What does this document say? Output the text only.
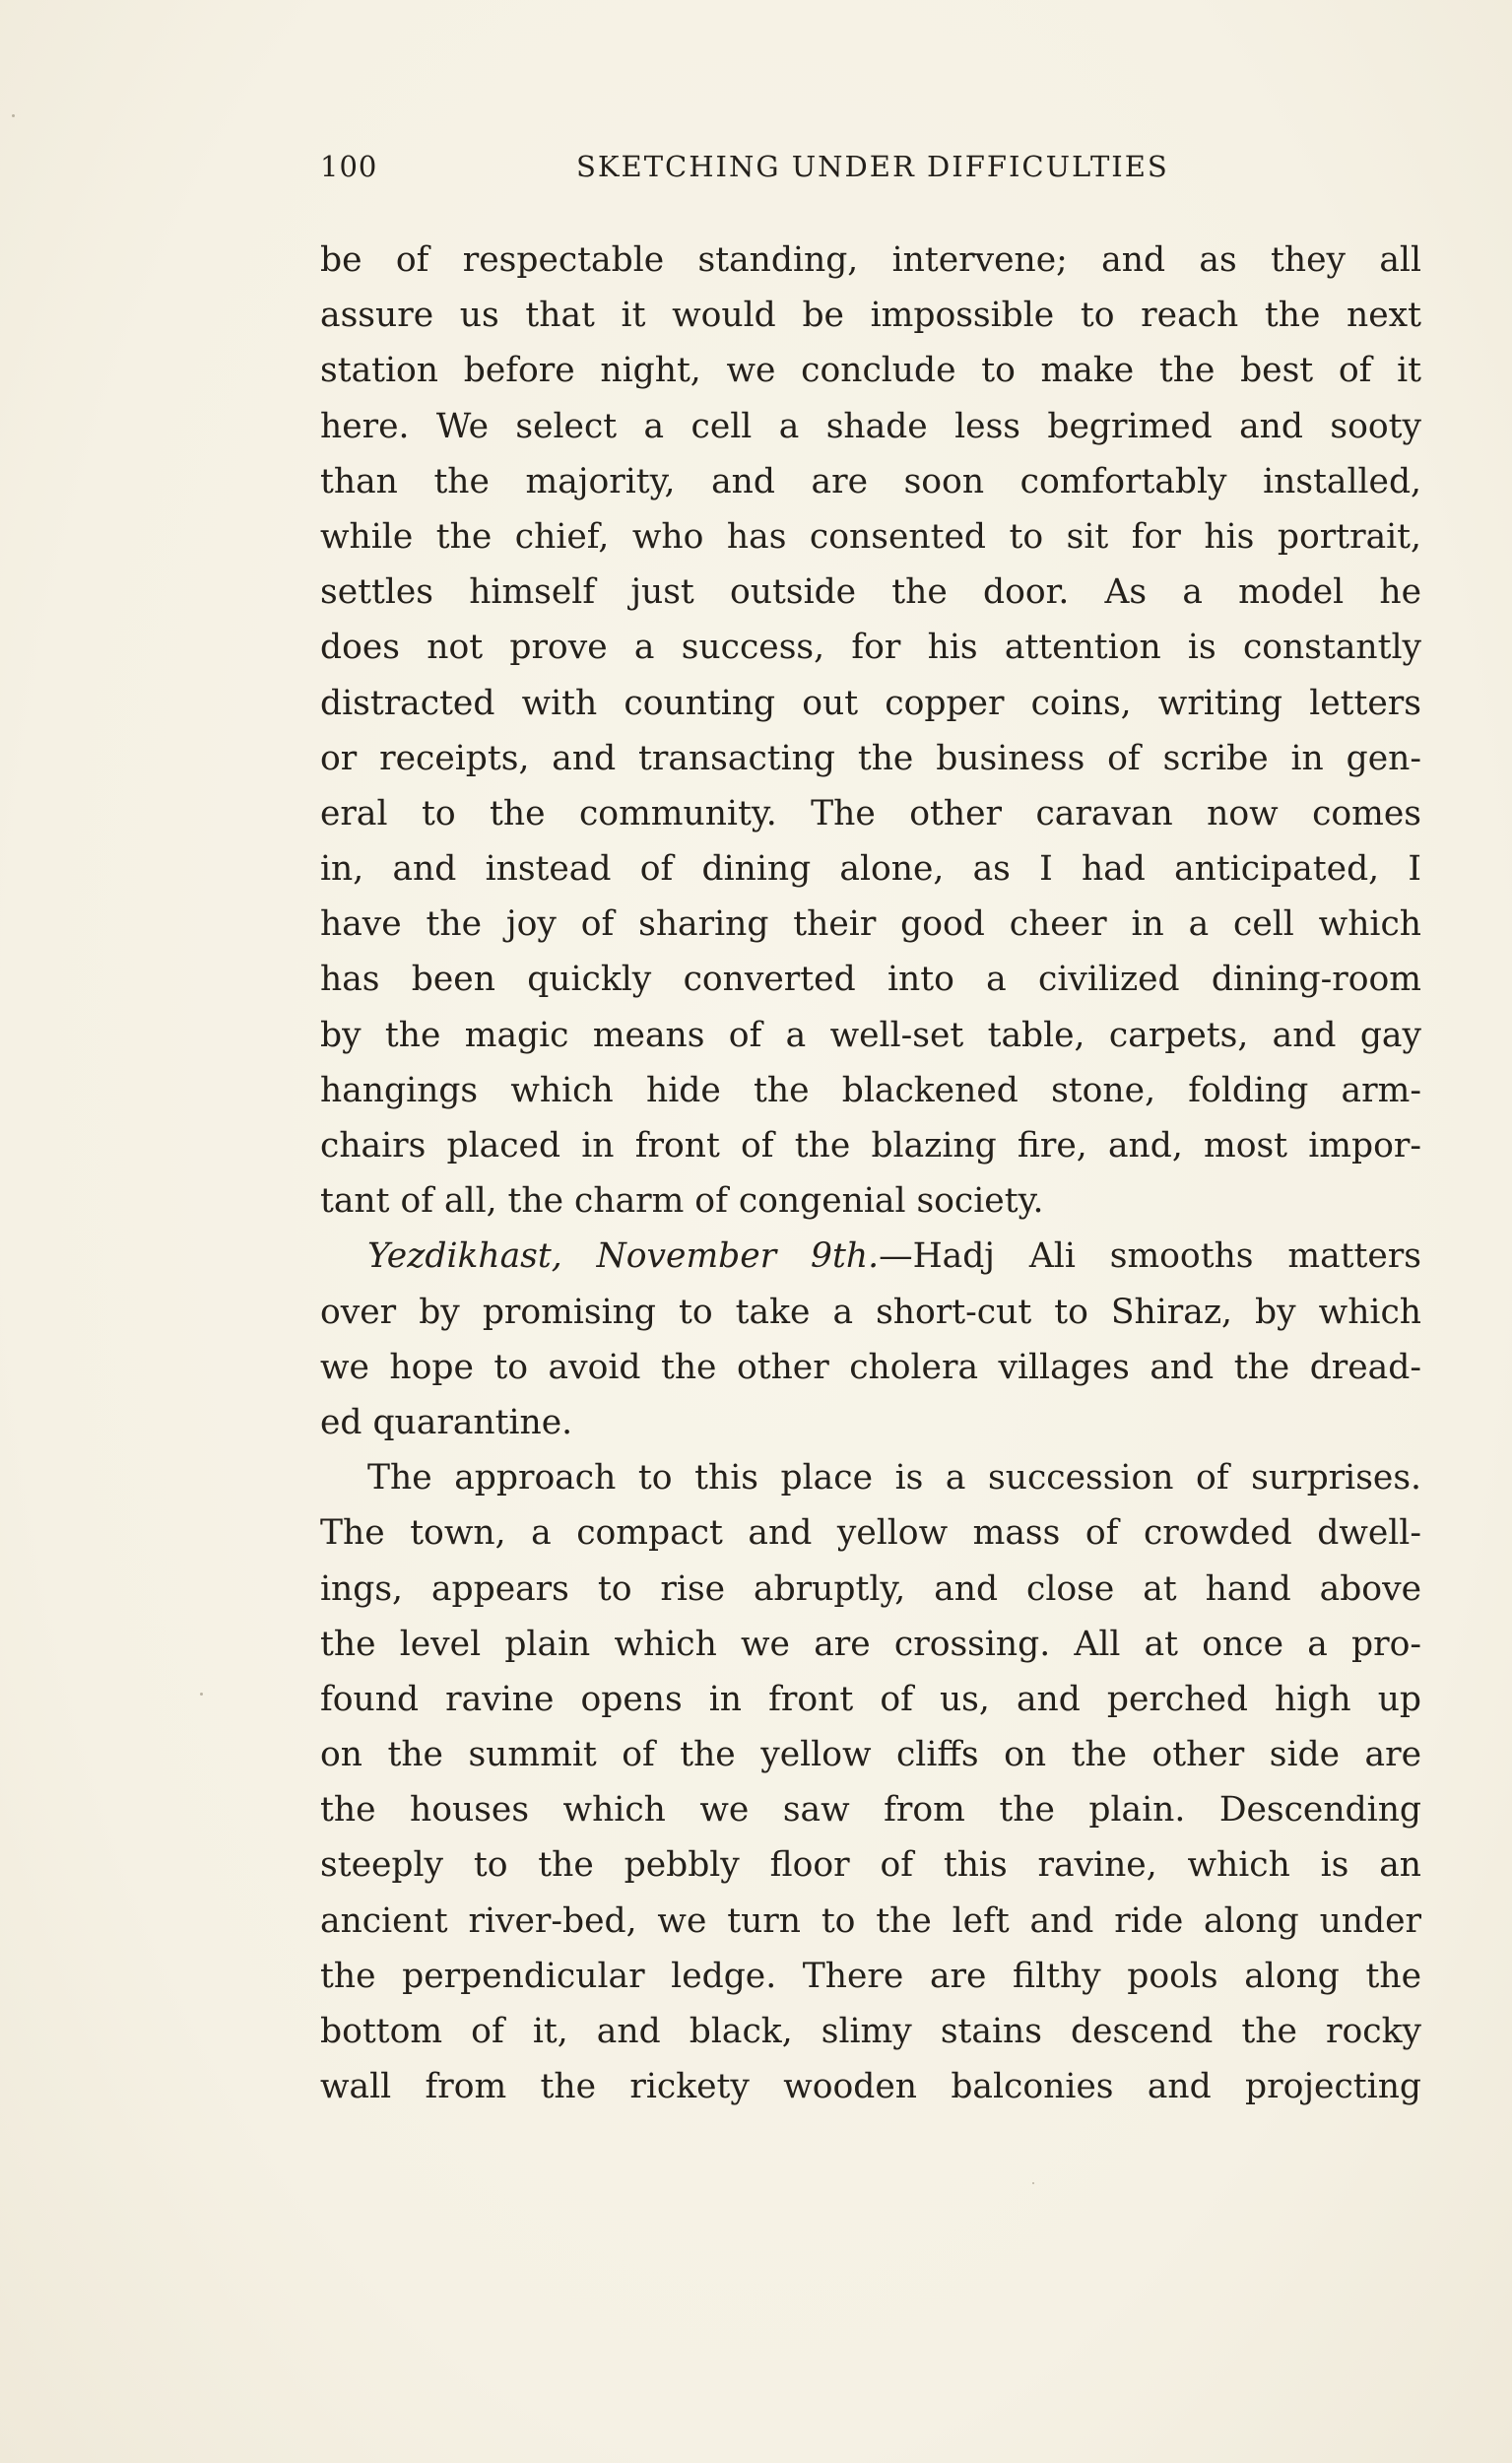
100	SKETCHING UNDER DIFFICULTIES
be of respectable standing, intervene; and as they all
assure us that it would be impossible to reach the next
station before night, we conclude to make the best of it
here. We select a cell a shade less begrimed and sooty
than the majority, and are soon comfortably installed,
while the chief, who has consented to sit for his portrait,
settles himself just outside the door. As a model he
does not prove a success, for his attention is constantly
distracted with counting out copper coins, writing letters
or receipts, and transacting the business of scribe in gen-
eral to the community. The other caravan now comes
in, and instead of dining alone, as I had anticipated, I
have the joy of sharing their good cheer in a cell which
has been quickly converted into a civilized dining-room
by the magic means of a well-set table, carpets, and gay
hangings which hide the blackened stone, folding arm-
chairs placed in front of the blazing fire, and, most impor-
tant of all, the charm of congenial society.
Yezdikhast, November 9th.—Hadj Ali smooths matters
over by promising to take a short-cut to Shiraz, by which
we hope to avoid the other cholera villages and the dread-
ed quarantine.
The approach to this place is a succession of surprises.
The town, a compact and yellow mass of crowded dwell-
ings, appears to rise abruptly, and close at hand above
the level plain which we are crossing. All at once a pro-
found ravine opens in front of us, and perched high up
on the summit of the yellow cliffs on the other side are
the houses which we saw from the plain. Descending
steeply to the pebbly floor of this ravine, which is an
ancient river-bed, we turn to the left and ride along under
the perpendicular ledge. There are filthy pools along the
bottom of it, and black, slimy stains descend the rocky
wall from the rickety wooden balconies and projecting
